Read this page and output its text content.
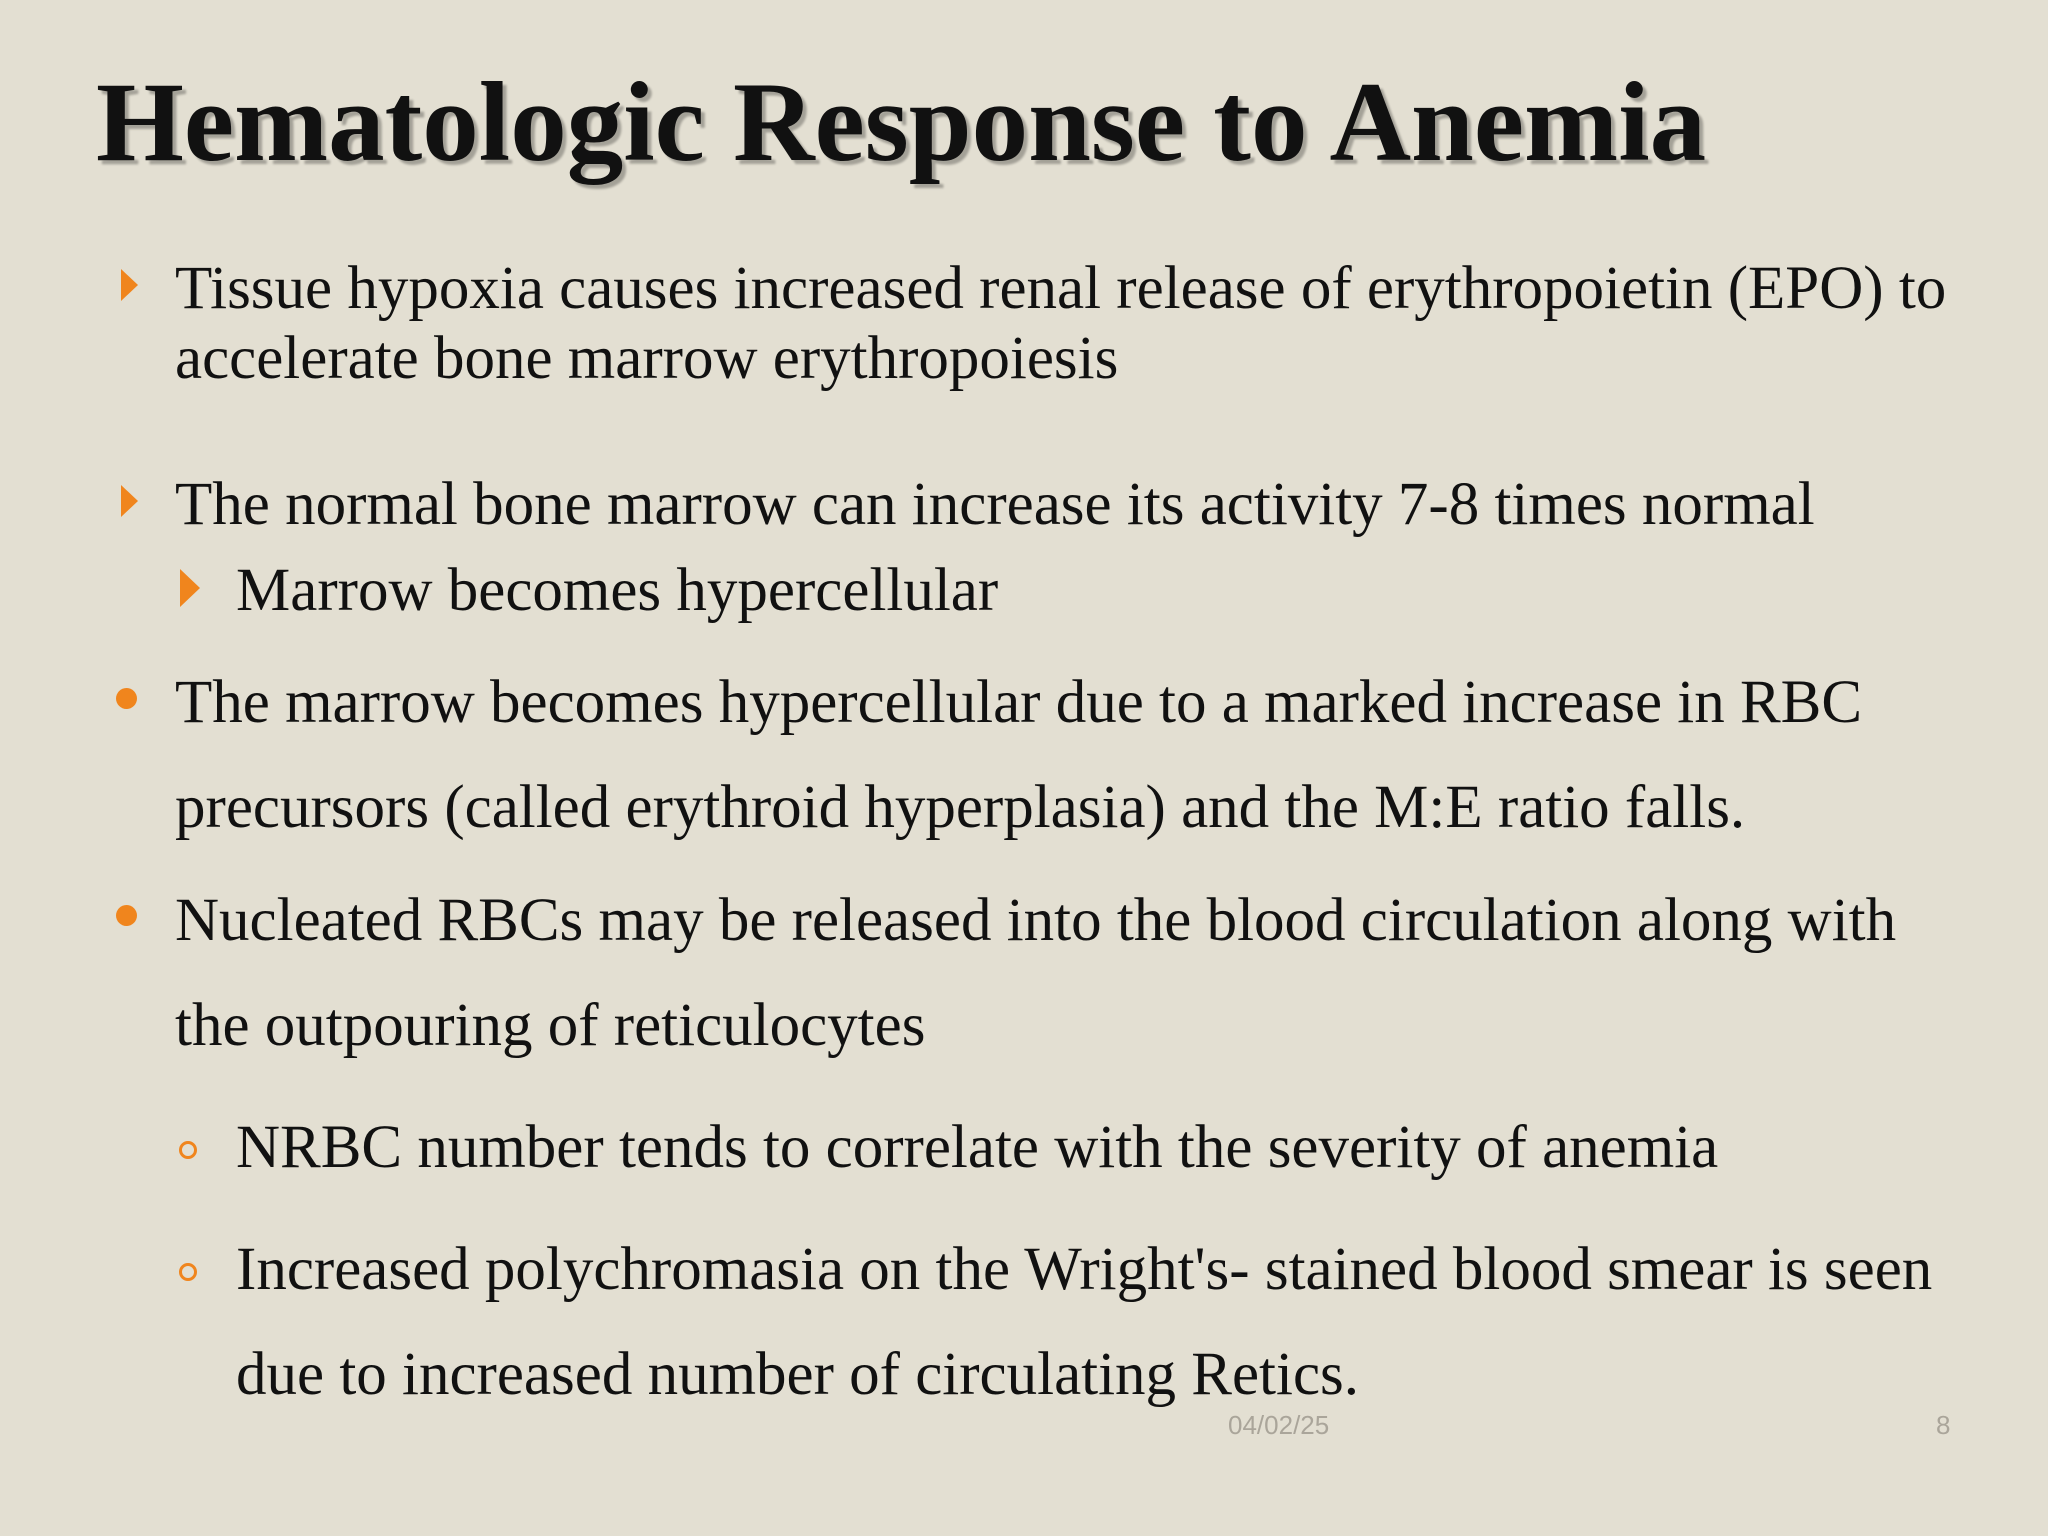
Hematologic Response to Anemia
Tissue hypoxia causes increased renal release of erythropoietin (EPO) to
accelerate bone marrow erythropoiesis
The normal bone marrow can increase its activity 7-8 times normal
Marrow becomes hypercellular
The marrow becomes hypercellular due to a marked increase in RBC
precursors (called erythroid hyperplasia) and the M:E ratio falls.
Nucleated RBCs may be released into the blood circulation along with
the outpouring of reticulocytes
NRBC number tends to correlate with the severity of anemia
Increased polychromasia on the Wright's- stained blood smear is seen
due to increased number of circulating Retics.
04/02/25	8
